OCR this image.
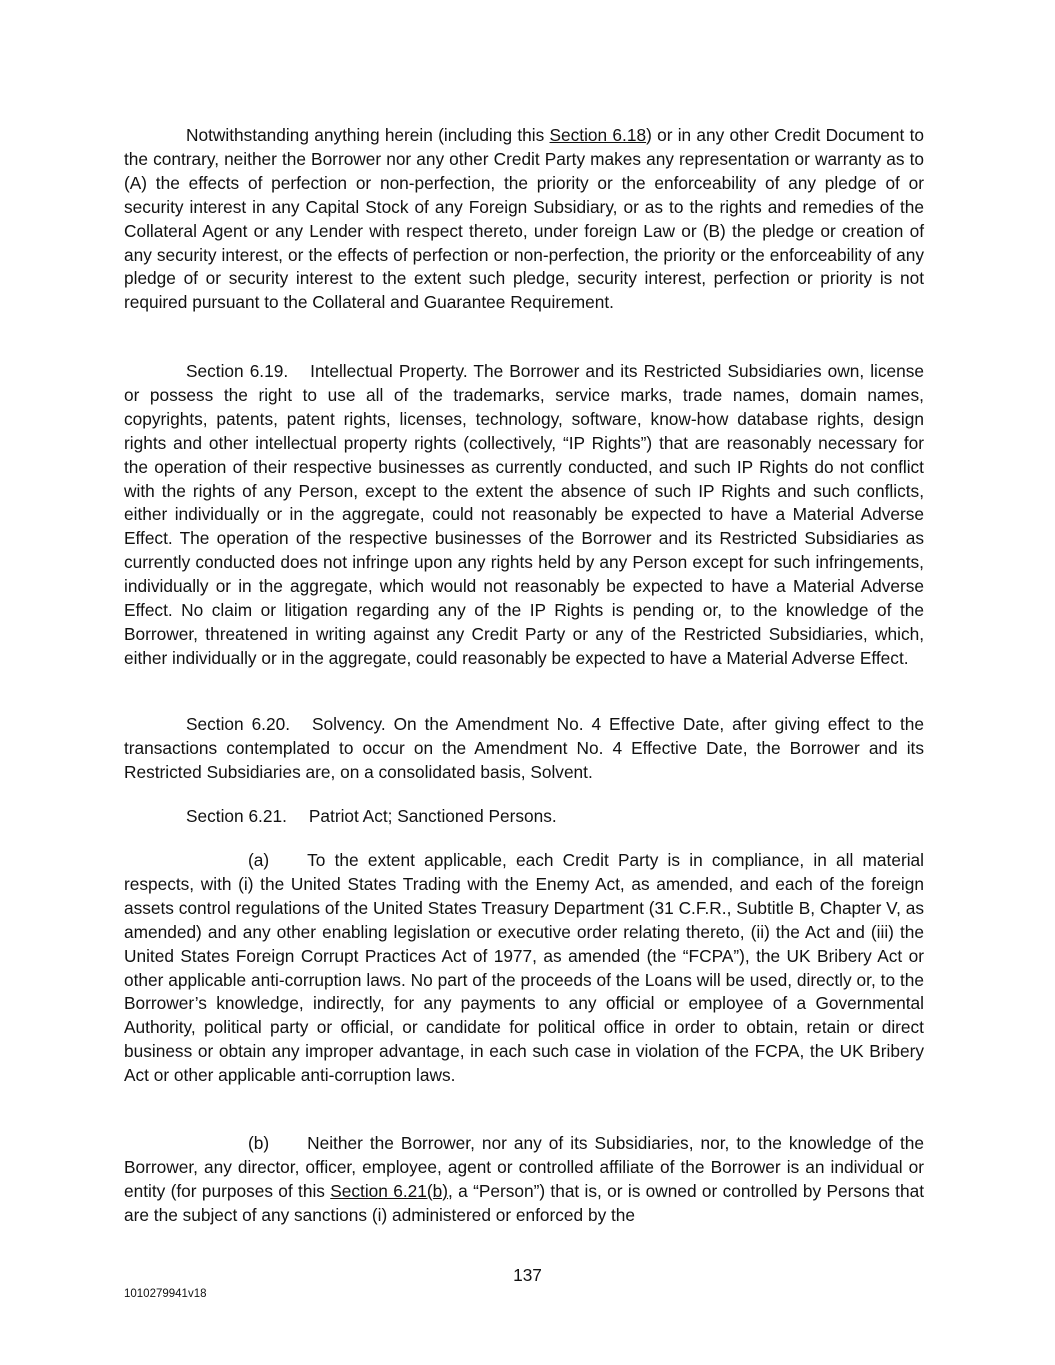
Notwithstanding anything herein (including this Section 6.18) or in any other Credit Document to the contrary, neither the Borrower nor any other Credit Party makes any representation or warranty as to (A) the effects of perfection or non-perfection, the priority or the enforceability of any pledge of or security interest in any Capital Stock of any Foreign Subsidiary, or as to the rights and remedies of the Collateral Agent or any Lender with respect thereto, under foreign Law or (B) the pledge or creation of any security interest, or the effects of perfection or non-perfection, the priority or the enforceability of any pledge of or security interest to the extent such pledge, security interest, perfection or priority is not required pursuant to the Collateral and Guarantee Requirement.

Section 6.19. Intellectual Property. The Borrower and its Restricted Subsidiaries own, license or possess the right to use all of the trademarks, service marks, trade names, domain names, copyrights, patents, patent rights, licenses, technology, software, know-how database rights, design rights and other intellectual property rights (collectively, “IP Rights”) that are reasonably necessary for the operation of their respective businesses as currently conducted, and such IP Rights do not conflict with the rights of any Person, except to the extent the absence of such IP Rights and such conflicts, either individually or in the aggregate, could not reasonably be expected to have a Material Adverse Effect. The operation of the respective businesses of the Borrower and its Restricted Subsidiaries as currently conducted does not infringe upon any rights held by any Person except for such infringements, individually or in the aggregate, which would not reasonably be expected to have a Material Adverse Effect. No claim or litigation regarding any of the IP Rights is pending or, to the knowledge of the Borrower, threatened in writing against any Credit Party or any of the Restricted Subsidiaries, which, either individually or in the aggregate, could reasonably be expected to have a Material Adverse Effect.

Section 6.20. Solvency. On the Amendment No. 4 Effective Date, after giving effect to the transactions contemplated to occur on the Amendment No. 4 Effective Date, the Borrower and its Restricted Subsidiaries are, on a consolidated basis, Solvent.

Section 6.21. Patriot Act; Sanctioned Persons.

(a) To the extent applicable, each Credit Party is in compliance, in all material respects, with (i) the United States Trading with the Enemy Act, as amended, and each of the foreign assets control regulations of the United States Treasury Department (31 C.F.R., Subtitle B, Chapter V, as amended) and any other enabling legislation or executive order relating thereto, (ii) the Act and (iii) the United States Foreign Corrupt Practices Act of 1977, as amended (the “FCPA”), the UK Bribery Act or other applicable anti-corruption laws. No part of the proceeds of the Loans will be used, directly or, to the Borrower’s knowledge, indirectly, for any payments to any official or employee of a Governmental Authority, political party or official, or candidate for political office in order to obtain, retain or direct business or obtain any improper advantage, in each such case in violation of the FCPA, the UK Bribery Act or other applicable anti-corruption laws.

(b) Neither the Borrower, nor any of its Subsidiaries, nor, to the knowledge of the Borrower, any director, officer, employee, agent or controlled affiliate of the Borrower is an individual or entity (for purposes of this Section 6.21(b), a “Person”) that is, or is owned or controlled by Persons that are the subject of any sanctions (i) administered or enforced by the

137
1010279941v18
